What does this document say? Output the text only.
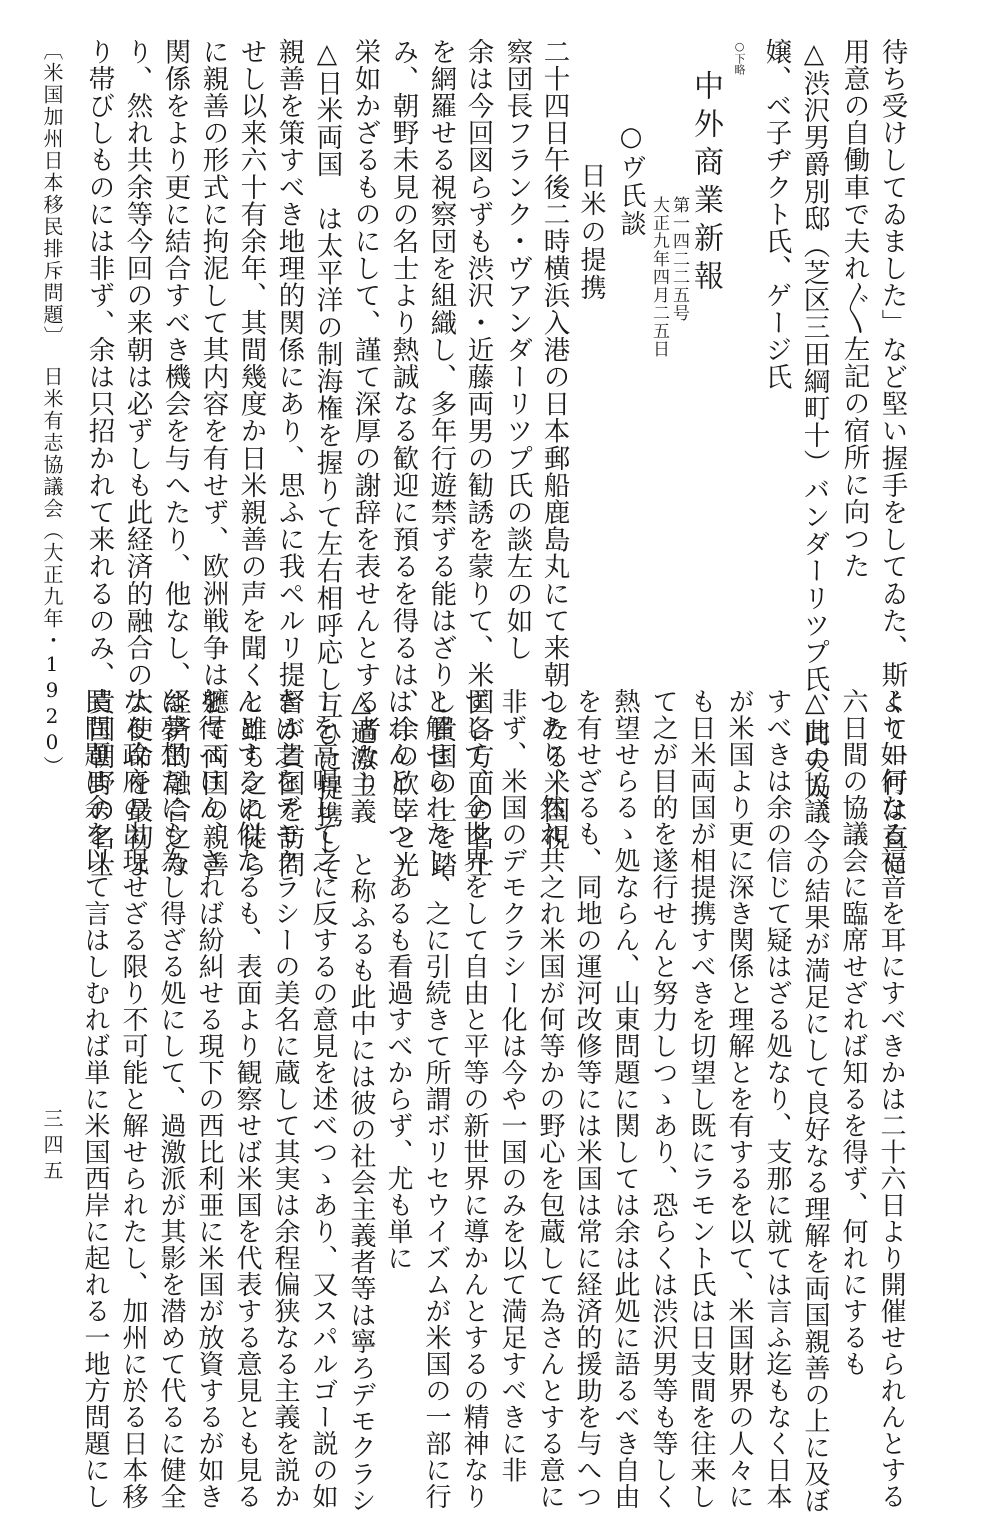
待ち受けしてゐました」など堅い握手をしてゐた、斯くて一行は直に
用意の自働車で夫れ〲左記の宿所に向つた
△渋沢男爵別邸（芝区三田綱町十）バンダーリツプ氏、同夫人、令
嬢、ベ子ヂクト氏、ゲージ氏
○下略
中外商業新報
第一四二二五号
大正九年四月二五日
○ヴ氏談
日米の提携
二十四日午後二時横浜入港の日本郵船鹿島丸にて来朝したる米国視
察団長フランク・ヴアンダーリツプ氏の談左の如し
余は今回図らずも渋沢・近藤両男の勧誘を蒙りて、米国各方面の名士
を網羅せる視察団を組織し、多年行遊禁ずる能はざりし貴国の土を踏
み、朝野未見の名士より熱誠なる歓迎に預るを得るは、余の欣幸と光
栄如かざるものにして、謹て深厚の謝辞を表せんとする者なり
△日米両国　は太平洋の制海権を握りて左右相呼応し互ひに提携して
親善を策すべき地理的関係にあり、思ふに我ペルリ提督が貴国を訪問
せし以来六十有余年、其間幾度か日米親善の声を聞くと雖も之れ徒ら
に親善の形式に拘泥して其内容を有せず、欧洲戦争は軈て両国の親善
関係をより更に結合すべき機会を与へたり、他なし、経済的融合之な
り、然れ共余等今回の来朝は必ずしも此経済的融合の大使命を最初よ
り帯びしものには非ず、余は只招かれて来れるのみ、貴国朝野の名士
より如何なる福音を耳にすべきかは二十六日より開催せられんとする
六日間の協議会に臨席せざれば知るを得ず、何れにするも
△此の協議　の結果が満足にして良好なる理解を両国親善の上に及ぼ
すべきは余の信じて疑はざる処なり、支那に就ては言ふ迄もなく日本
が米国より更に深き関係と理解とを有するを以て、米国財界の人々に
も日米両国が相提携すべきを切望し既にラモント氏は日支間を往来し
て之が目的を遂行せんと努力しつゝあり、恐らくは渋沢男等も等しく
熱望せらるゝ処ならん、山東問題に関しては余は此処に語るべき自由
を有せざるも、同地の運河改修等には米国は常に経済的援助を与へつ
つあり、然れ共之れ米国が何等かの野心を包蔵して為さんとする意に
非ず、米国のデモクラシー化は今や一国のみを以て満足すべきに非
ずして、全世界をして自由と平等の新世界に導かんとするの精神なり
と解せられたし、之に引続きて所謂ボリセウイズムが米国の一部に行
はれんとしつゝあるも看過すべからず、尤も単に
△過激主義　と称ふるも此中には彼の社会主義者等は寧ろデモクラシ
ーを高唱して之に反するの意見を述べつゝあり、又スパルゴー説の如
きは之をデモクラシーの美名に蔵して其実は余程偏狭なる主義を説か
んとするに似たるも、表面より観察せば米国を代表する意見とも見る
を得べけん、されば紛糾せる現下の西比利亜に米国が放資するが如き
は夢想だにも為し得ざる処にして、過激派が其影を潜めて代るに健全
なる政府の出現せざる限り不可能と解せられたし、加州に於る日本移
民問題は余を以て言はしむれば単に米国西岸に起れる一地方問題にし
〔米国加州日本移民排斥問題〕
日米有志協議会（大正九年・1920）
三四五
